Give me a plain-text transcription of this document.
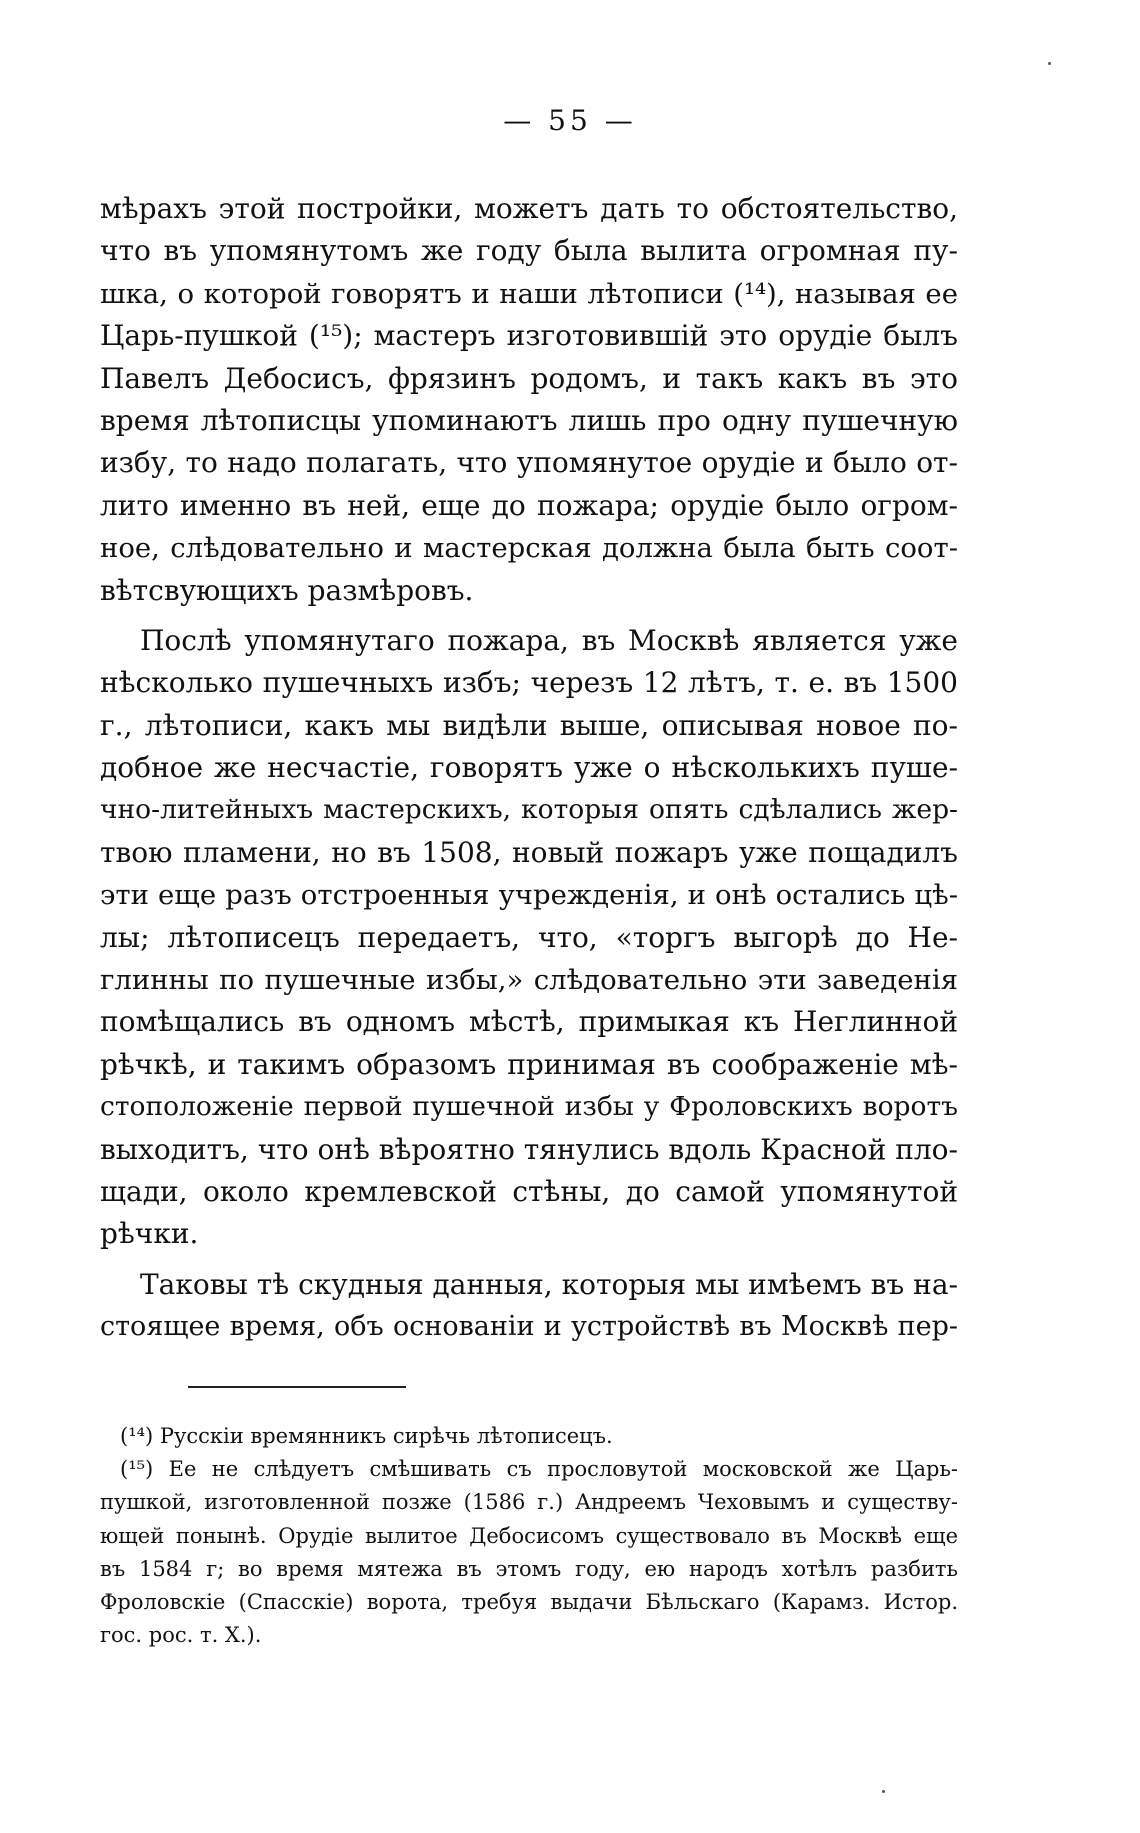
— 55 —
мѣрахъ этой постройки, можетъ дать то обстоятельство,
что въ упомянутомъ же году была вылита огромная пу-
шка, о которой говорятъ и наши лѣтописи (¹⁴), называя ее
Царь-пушкой (¹⁵); мастеръ изготовившій это орудіе былъ
Павелъ Дебосисъ, фрязинъ родомъ, и такъ какъ въ это
время лѣтописцы упоминаютъ лишь про одну пушечную
избу, то надо полагать, что упомянутое орудіе и было от-
лито именно въ ней, еще до пожара; орудіе было огром-
ное, слѣдовательно и мастерская должна была быть соот-
вѣтсвующихъ размѣровъ.
Послѣ упомянутаго пожара, въ Москвѣ является уже
нѣсколько пушечныхъ избъ; черезъ 12 лѣтъ, т. е. въ 1500
г., лѣтописи, какъ мы видѣли выше, описывая новое по-
добное же несчастіе, говорятъ уже о нѣсколькихъ пуше-
чно-литейныхъ мастерскихъ, которыя опять сдѣлались жер-
твою пламени, но въ 1508, новый пожаръ уже пощадилъ
эти еще разъ отстроенныя учрежденія, и онѣ остались цѣ-
лы; лѣтописецъ передаетъ, что, «торгъ выгорѣ до Не-
глинны по пушечные избы,» слѣдовательно эти заведенія
помѣщались въ одномъ мѣстѣ, примыкая къ Неглинной
рѣчкѣ, и такимъ образомъ принимая въ соображеніе мѣ-
стоположеніе первой пушечной избы у Фроловскихъ воротъ
выходитъ, что онѣ вѣроятно тянулись вдоль Красной пло-
щади, около кремлевской стѣны, до самой упомянутой
рѣчки.
Таковы тѣ скудныя данныя, которыя мы имѣемъ въ на-
стоящее время, объ основаніи и устройствѣ въ Москвѣ пер-
(¹⁴) Русскіи времянникъ сирѣчь лѣтописецъ.
(¹⁵) Ее не слѣдуетъ смѣшивать съ прословутой московской же Царь-
пушкой, изготовленной позже (1586 г.) Андреемъ Чеховымъ и существу-
ющей понынѣ. Орудіе вылитое Дебосисомъ существовало въ Москвѣ еще
въ 1584 г; во время мятежа въ этомъ году, ею народъ хотѣлъ разбить
Фроловскіе (Спасскіе) ворота, требуя выдачи Бѣльскаго (Карамз. Истор.
гос. рос. т. X.).
